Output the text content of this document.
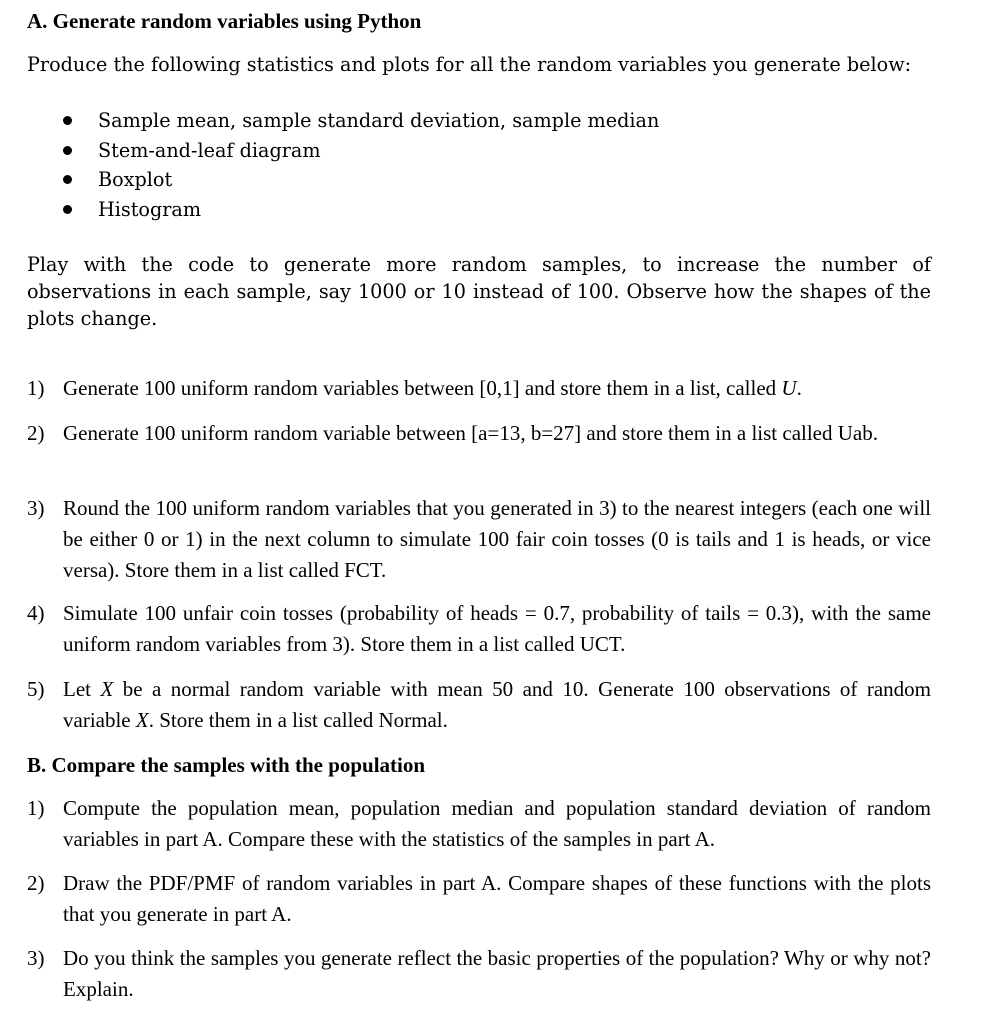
A. Generate random variables using Python

Produce the following statistics and plots for all the random variables you generate below:

Sample mean, sample standard deviation, sample median
Stem-and-leaf diagram
Boxplot
Histogram

Play with the code to generate more random samples, to increase the number of observations in each sample, say 1000 or 10 instead of 100. Observe how the shapes of the plots change.

1) Generate 100 uniform random variables between [0,1] and store them in a list, called U.
2) Generate 100 uniform random variable between [a=13, b=27] and store them in a list called Uab.
3) Round the 100 uniform random variables that you generated in 3) to the nearest integers (each one will be either 0 or 1) in the next column to simulate 100 fair coin tosses (0 is tails and 1 is heads, or vice versa). Store them in a list called FCT.
4) Simulate 100 unfair coin tosses (probability of heads = 0.7, probability of tails = 0.3), with the same uniform random variables from 3). Store them in a list called UCT.
5) Let X be a normal random variable with mean 50 and 10. Generate 100 observations of random variable X. Store them in a list called Normal.
B. Compare the samples with the population
1) Compute the population mean, population median and population standard deviation of random variables in part A. Compare these with the statistics of the samples in part A.
2) Draw the PDF/PMF of random variables in part A. Compare shapes of these functions with the plots that you generate in part A.
3) Do you think the samples you generate reflect the basic properties of the population? Why or why not? Explain.
